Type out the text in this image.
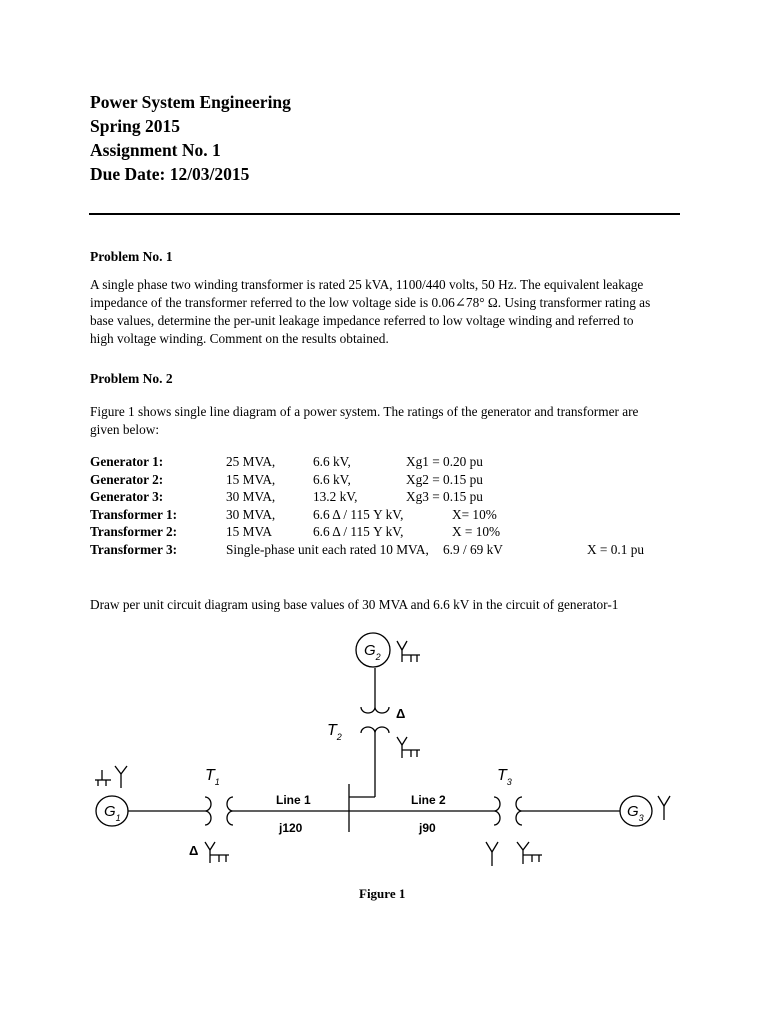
Power System Engineering
Spring 2015
Assignment No. 1
Due Date: 12/03/2015
Problem No. 1
A single phase two winding transformer is rated 25 kVA, 1100/440 volts, 50 Hz. The equivalent leakage
impedance of the transformer referred to the low voltage side is 0.06∠78° Ω. Using transformer rating as
base values, determine the per-unit leakage impedance referred to low voltage winding and referred to
high voltage winding. Comment on the results obtained.
Problem No. 2
Figure 1 shows single line diagram of a power system. The ratings of the generator and transformer are
given below:
Generator 1:	25 MVA,	6.6 kV,	Xg1 = 0.20 pu
Generator 2:	15 MVA,	6.6 kV,	Xg2 = 0.15 pu
Generator 3:	30 MVA,	13.2 kV,	Xg3 = 0.15 pu
Transformer 1:	30 MVA,	6.6 Δ / 115 Y kV,	X= 10%
Transformer 2:	15 MVA	6.6 Δ / 115 Y kV,	X = 10%
Transformer 3:	Single-phase unit each rated 10 MVA, 6.9 / 69 kV	X = 0.1 pu
Draw per unit circuit diagram using base values of 30 MVA and 6.6 kV in the circuit of generator-1
$G_1$
$G_2$
$G_3$
$T_1$
Δ
$T_2$
Δ
$T_3$
Line 1
j120
Line 2
j90
Figure 1
